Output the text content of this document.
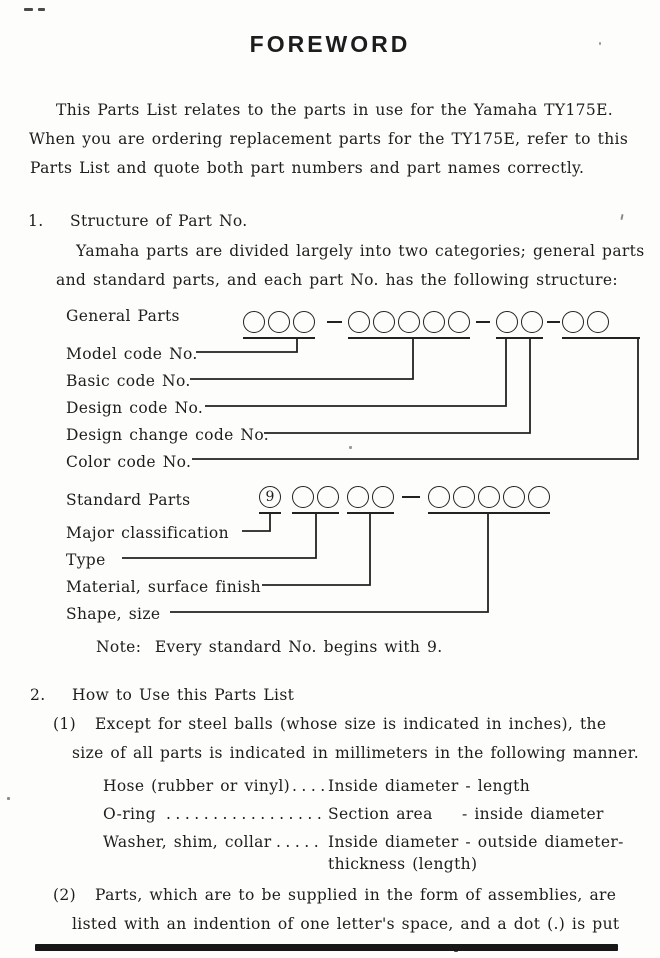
FOREWORD
This Parts List relates to the parts in use for the Yamaha TY175E.
When you are ordering replacement parts for the TY175E, refer to this
Parts List and quote both part numbers and part names correctly.
1. Structure of Part No.
Yamaha parts are divided largely into two categories; general parts
and standard parts, and each part No. has the following structure:
General Parts
Model code No.
Basic code No.
Design code No.
Design change code No.
Color code No.
Standard Parts	9
Major classification
Type
Material, surface finish
Shape, size
Note:  Every standard No. begins with 9.
2. How to Use this Parts List
(1) Except for steel balls (whose size is indicated in inches), the
size of all parts is indicated in millimeters in the following manner.
Hose (rubber or vinyl) ....
Inside diameter - length
O-ring ................. Section area - inside diameter
Washer, shim, collar ..... Inside diameter - outside diameter-
thickness (length)
(2) Parts, which are to be supplied in the form of assemblies, are
listed with an indention of one letter's space, and a dot (.) is put
